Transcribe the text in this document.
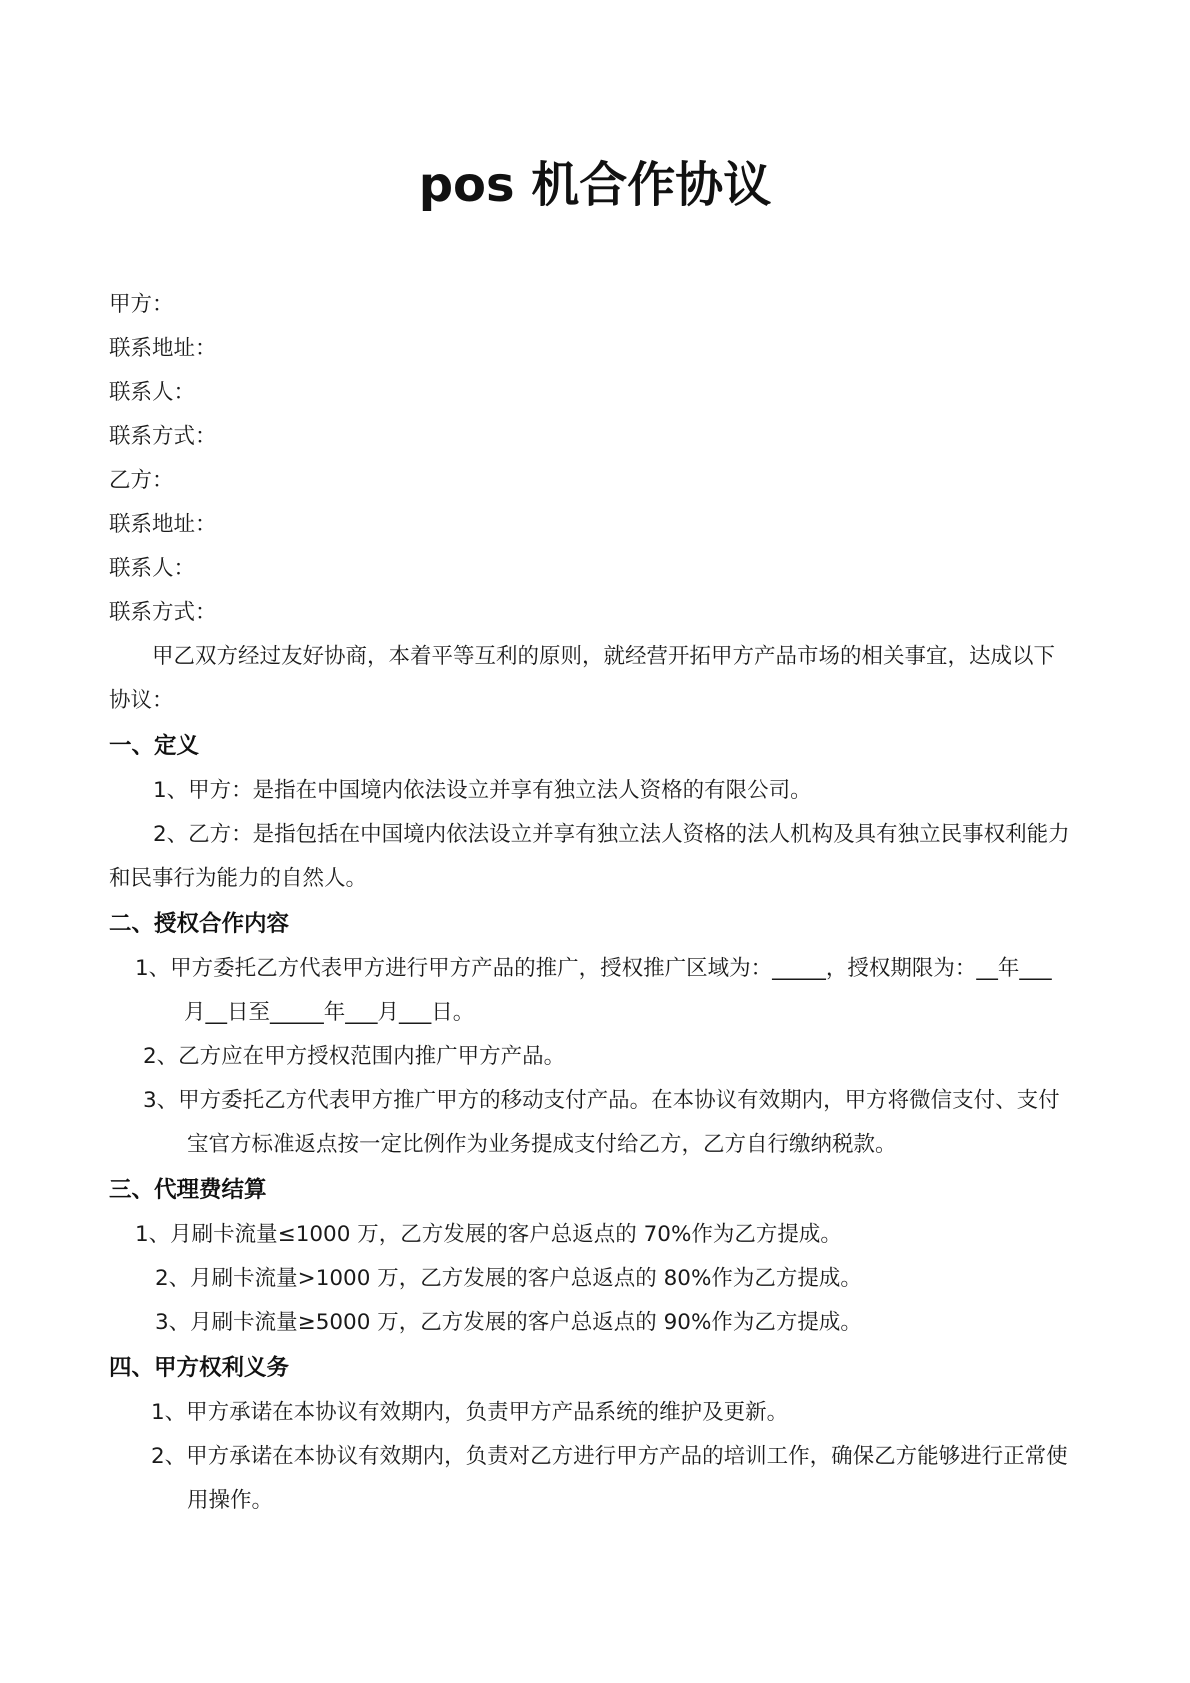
pos 机合作协议
甲方：
联系地址：
联系人：
联系方式：
乙方：
联系地址：
联系人：
联系方式：
甲乙双方经过友好协商，本着平等互利的原则，就经营开拓甲方产品市场的相关事宜，达成以下
协议：
一、定义
1、甲方：是指在中国境内依法设立并享有独立法人资格的有限公司。
2、乙方：是指包括在中国境内依法设立并享有独立法人资格的法人机构及具有独立民事权利能力
和民事行为能力的自然人。
二、授权合作内容
1、甲方委托乙方代表甲方进行甲方产品的推广，授权推广区域为：_____，授权期限为：__年___
月__日至_____年___月___日。
2、乙方应在甲方授权范围内推广甲方产品。
3、甲方委托乙方代表甲方推广甲方的移动支付产品。在本协议有效期内，甲方将微信支付、支付
宝官方标准返点按一定比例作为业务提成支付给乙方，乙方自行缴纳税款。
三、代理费结算
1、月刷卡流量≤1000 万，乙方发展的客户总返点的 70%作为乙方提成。
2、月刷卡流量>1000 万，乙方发展的客户总返点的 80%作为乙方提成。
3、月刷卡流量≥5000 万，乙方发展的客户总返点的 90%作为乙方提成。
四、甲方权利义务
1、甲方承诺在本协议有效期内，负责甲方产品系统的维护及更新。
2、甲方承诺在本协议有效期内，负责对乙方进行甲方产品的培训工作，确保乙方能够进行正常使
用操作。
